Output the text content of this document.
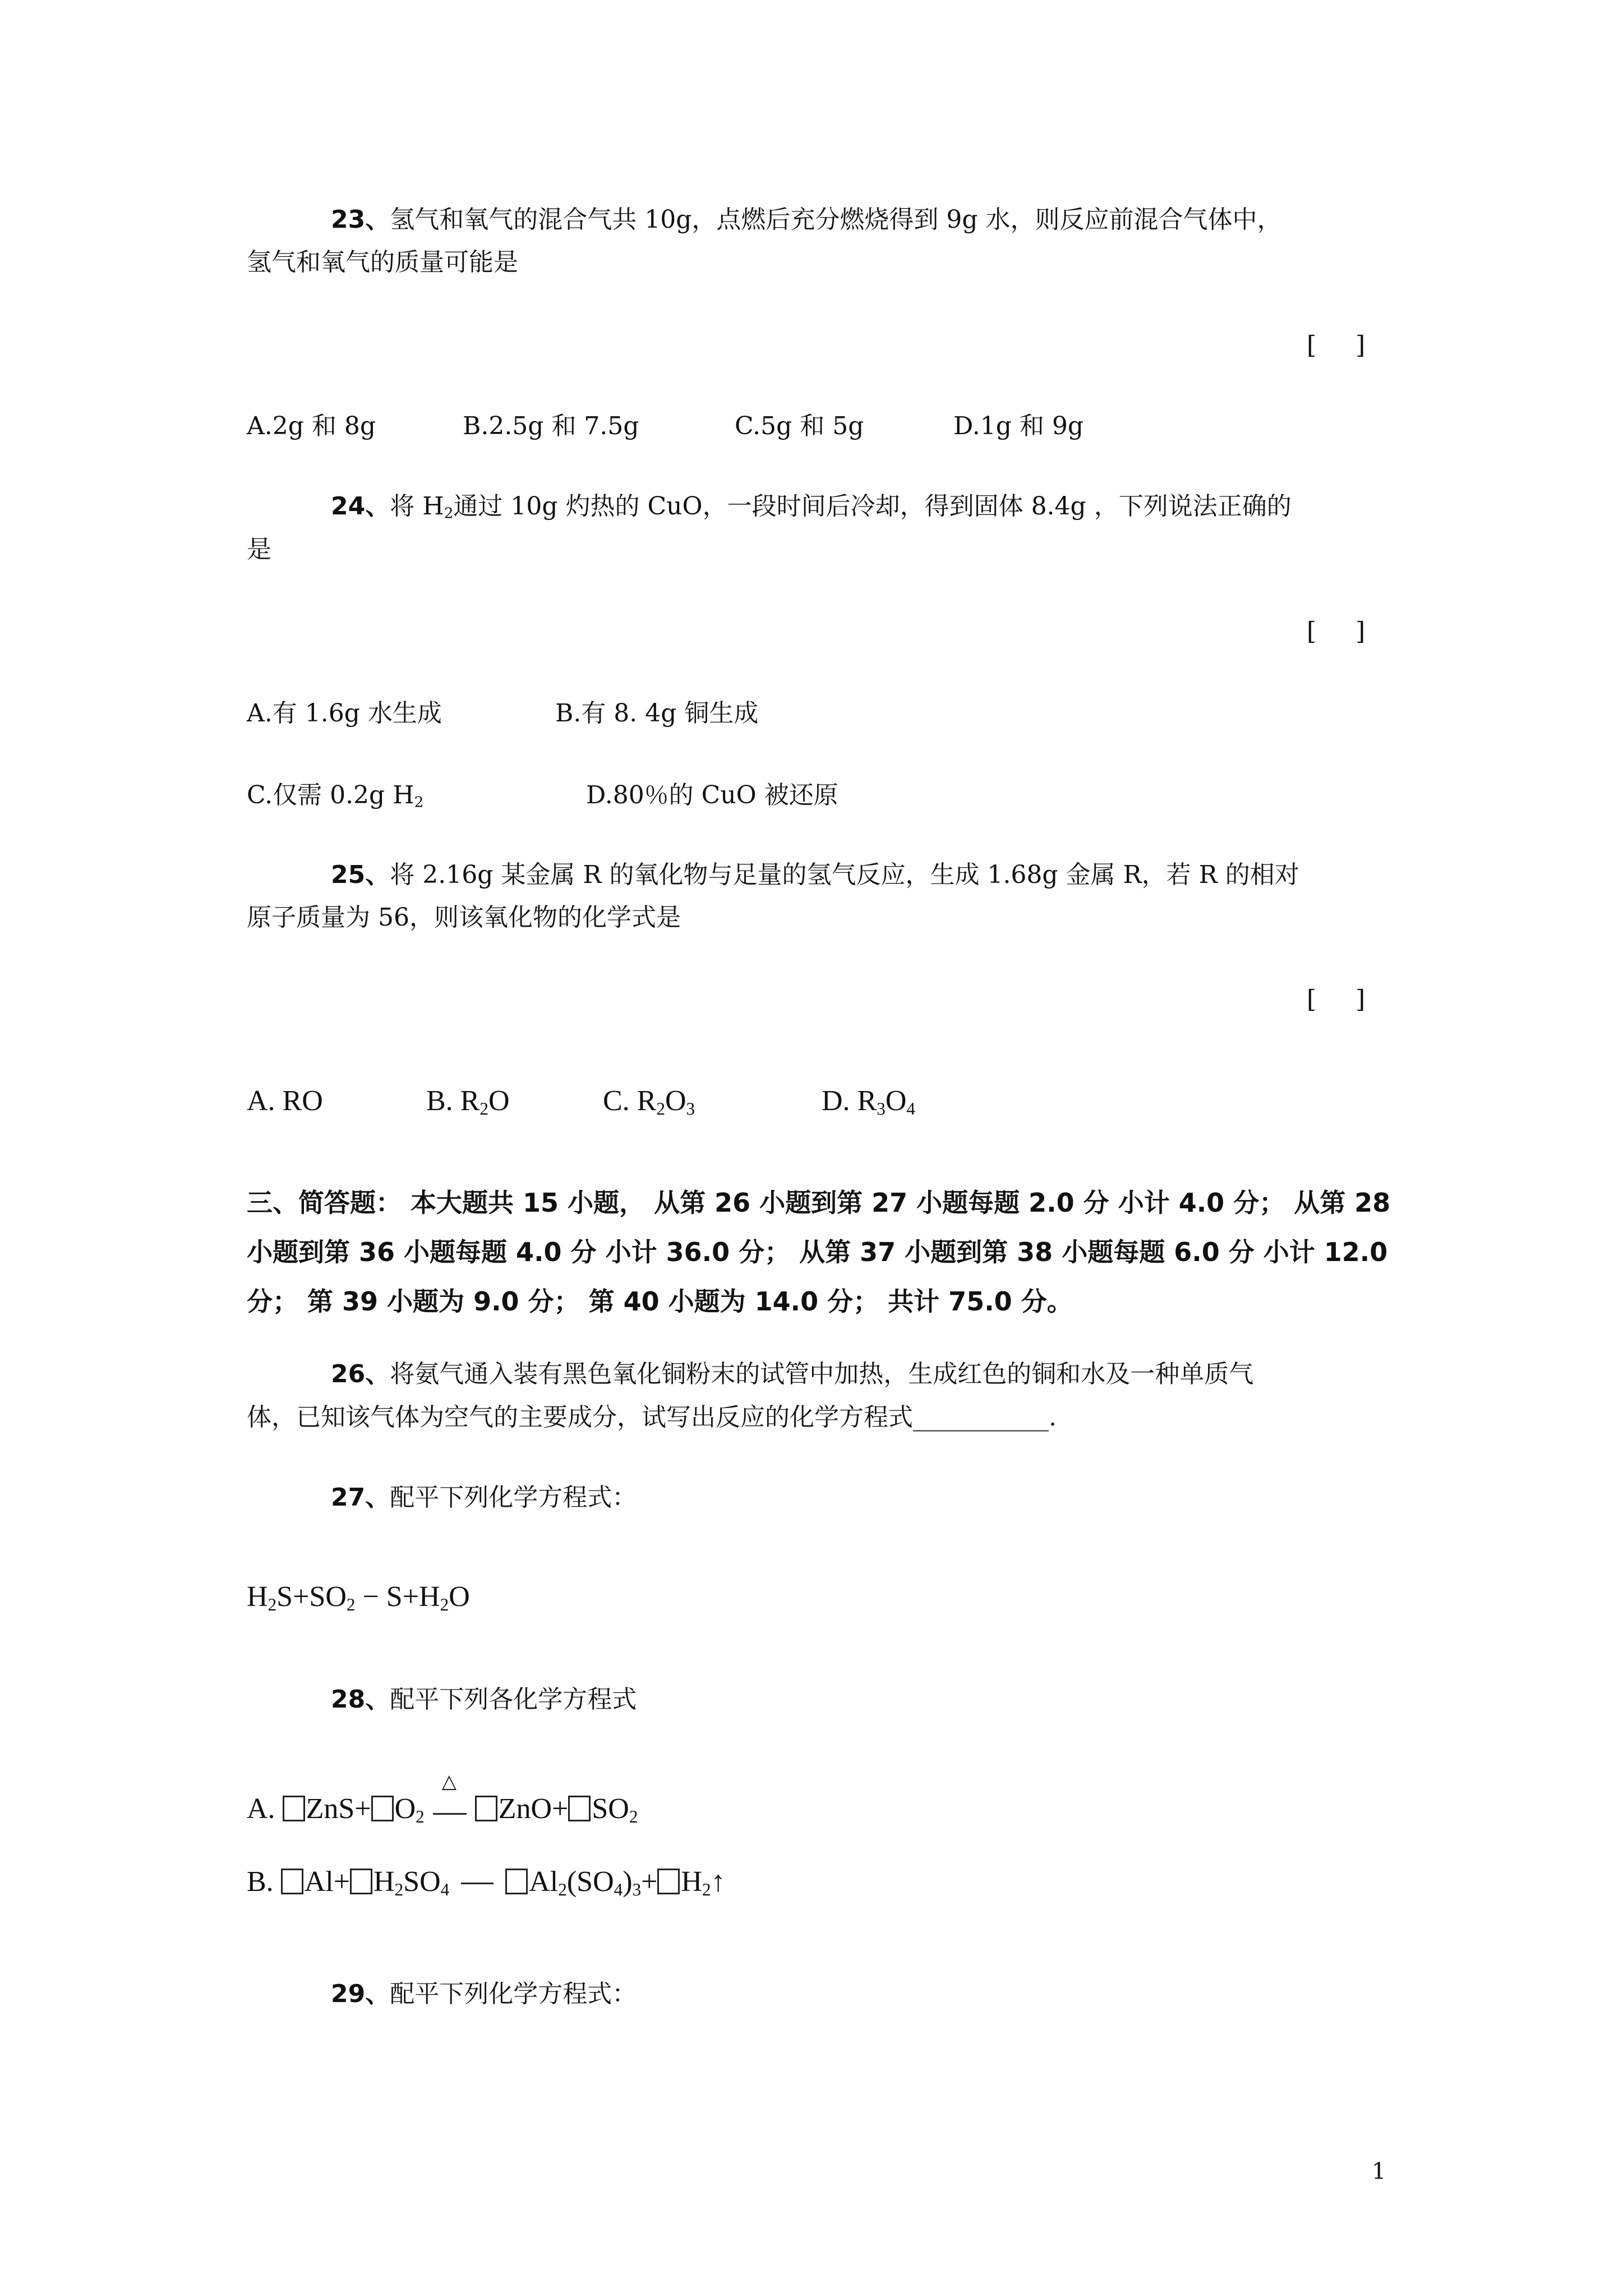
23、氢气和氧气的混合气共 10g，点燃后充分燃烧得到 9g 水，则反应前混合气体中，
氢气和氧气的质量可能是
[ ]
A.2g 和 8g	B.2.5g 和 7.5g	C.5g 和 5g	D.1g 和 9g
24、将 $H_2$通过 10g 灼热的 CuO，一段时间后冷却，得到固体 8.4g ，下列说法正确的
是
[ ]
A.有 1.6g 水生成	B.有 8. 4g 铜生成
C.仅需 0.2g $H_2$	D.80％的 CuO 被还原
25、将 2.16g 某金属 R 的氧化物与足量的氢气反应，生成 1.68g 金属 R，若 R 的相对
原子质量为 56，则该氧化物的化学式是
[ ]
A. RO	B. $R_2O$	C. $R_2O_3$	D. $R_3O_4$
三、简答题： 本大题共 15 小题， 从第 26 小题到第 27 小题每题 2.0 分 小计 4.0 分； 从第 28 小题到第 36 小题每题 4.0 分 小计 36.0 分； 从第 37 小题到第 38 小题每题 6.0 分 小计 12.0 分； 第 39 小题为 9.0 分； 第 40 小题为 14.0 分； 共计 75.0 分。
26、将氨气通入装有黑色氧化铜粉末的试管中加热，生成红色的铜和水及一种单质气
体，已知该气体为空气的主要成分，试写出反应的化学方程式___________.
27、配平下列化学方程式：
$H_2S+SO_2 - S+H_2O$
28、配平下列各化学方程式
A. $ZnS+ O_2$
△
$ZnO+ SO_2$
B. $Al+ H_2SO_4$	$Al_2(SO_4)_3+$ $H_2↑$
29、配平下列化学方程式：
1
